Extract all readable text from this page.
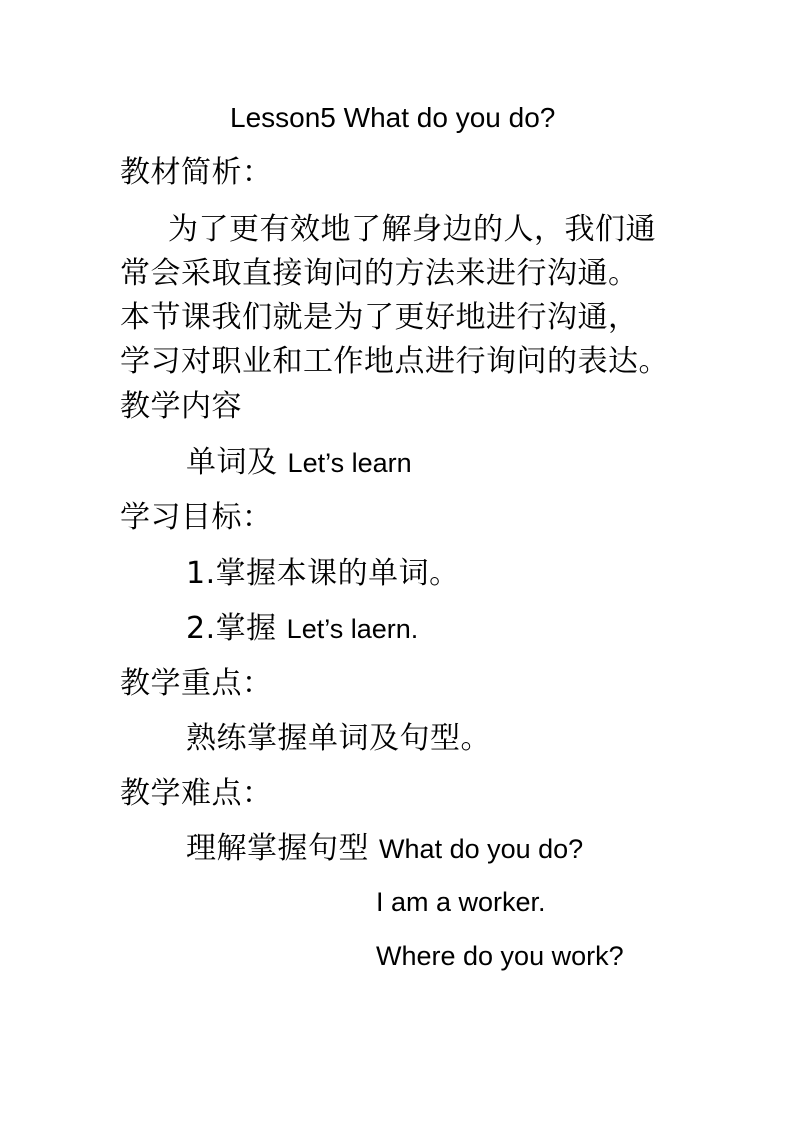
Lesson5 What do you do?
教材简析：
为了更有效地了解身边的人，我们通
常会采取直接询问的方法来进行沟通。
本节课我们就是为了更好地进行沟通，
学习对职业和工作地点进行询问的表达。
教学内容
单词及 Let’s learn
学习目标：
1.掌握本课的单词。
2.掌握 Let’s laern.
教学重点：
熟练掌握单词及句型。
教学难点：
理解掌握句型 What do you do?
I am a worker.
Where do you work?
